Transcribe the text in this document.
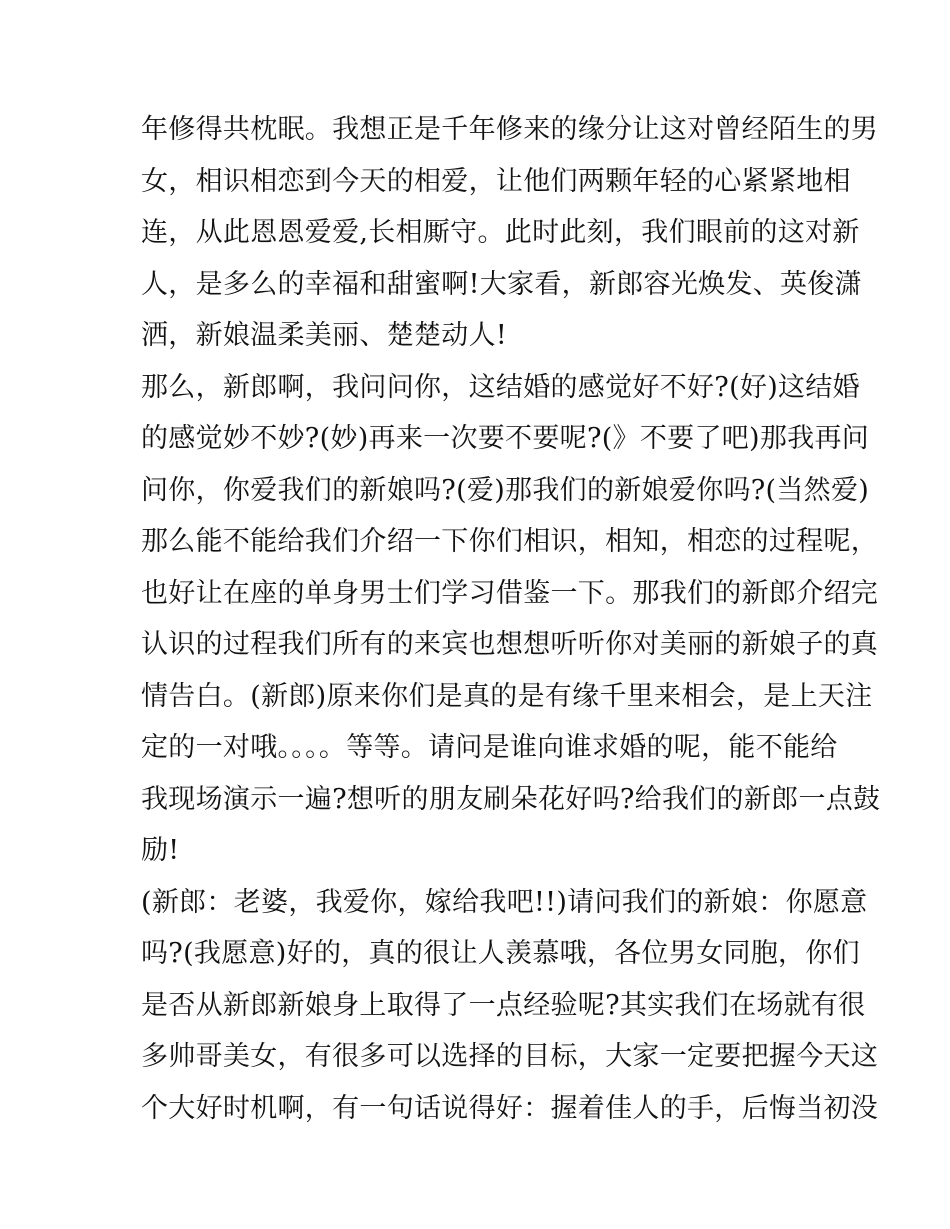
年修得共枕眠。我想正是千年修来的缘分让这对曾经陌生的男
女，相识相恋到今天的相爱，让他们两颗年轻的心紧紧地相
连，从此恩恩爱爱,长相厮守。此时此刻，我们眼前的这对新
人，是多么的幸福和甜蜜啊!大家看，新郎容光焕发、英俊潇
洒，新娘温柔美丽、楚楚动人!
那么，新郎啊，我问问你，这结婚的感觉好不好?(好)这结婚
的感觉妙不妙?(妙)再来一次要不要呢?(》不要了吧)那我再问
问你，你爱我们的新娘吗?(爱)那我们的新娘爱你吗?(当然爱)
那么能不能给我们介绍一下你们相识，相知，相恋的过程呢，
也好让在座的单身男士们学习借鉴一下。那我们的新郎介绍完
认识的过程我们所有的来宾也想想听听你对美丽的新娘子的真
情告白。(新郎)原来你们是真的是有缘千里来相会，是上天注
定的一对哦。。。。等等。请问是谁向谁求婚的呢，能不能给
我现场演示一遍?想听的朋友刷朵花好吗?给我们的新郎一点鼓
励!
(新郎：老婆，我爱你，嫁给我吧!!)请问我们的新娘：你愿意
吗?(我愿意)好的，真的很让人羡慕哦，各位男女同胞，你们
是否从新郎新娘身上取得了一点经验呢?其实我们在场就有很
多帅哥美女，有很多可以选择的目标，大家一定要把握今天这
个大好时机啊，有一句话说得好：握着佳人的手，后悔当初没
